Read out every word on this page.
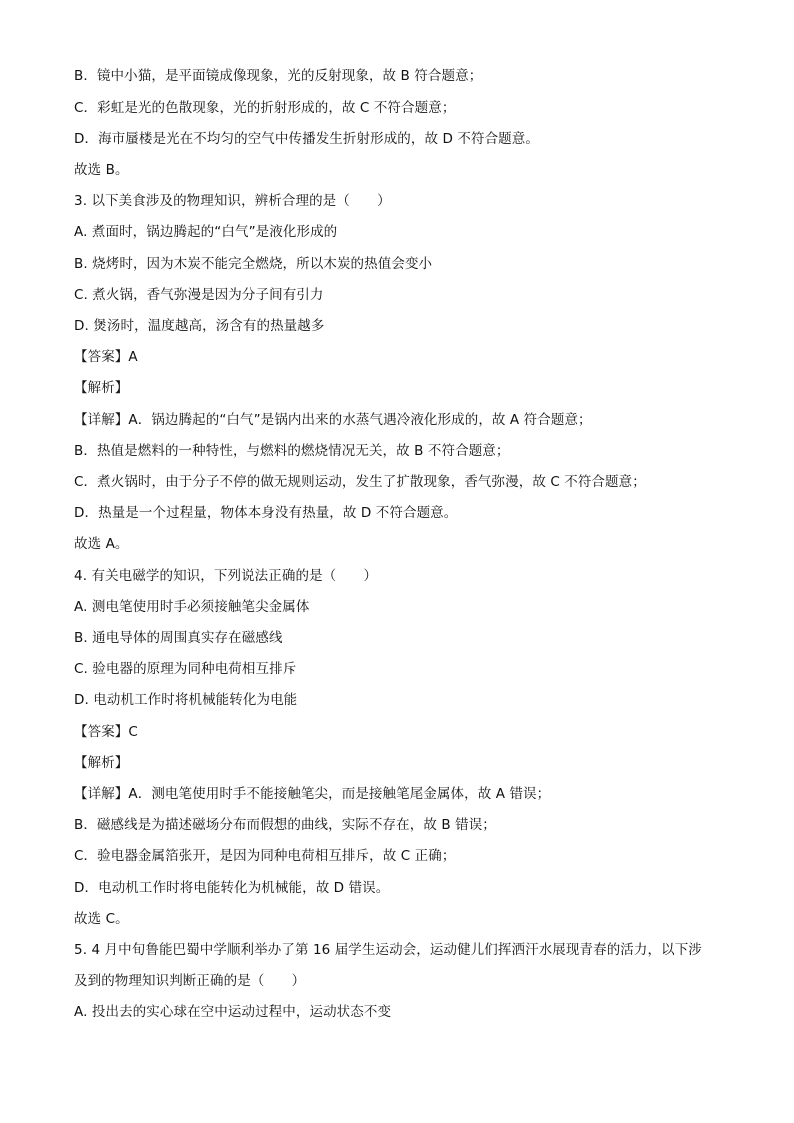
B．镜中小猫，是平面镜成像现象，光的反射现象，故 B 符合题意；
C．彩虹是光的色散现象，光的折射形成的，故 C 不符合题意；
D．海市蜃楼是光在不均匀的空气中传播发生折射形成的，故 D 不符合题意。
故选 B。
3. 以下美食涉及的物理知识，辨析合理的是（　　）
A. 煮面时，锅边腾起的“白气”是液化形成的
B. 烧烤时，因为木炭不能完全燃烧，所以木炭的热值会变小
C. 煮火锅，香气弥漫是因为分子间有引力
D. 煲汤时，温度越高，汤含有的热量越多
【答案】A
【解析】
【详解】A．锅边腾起的“白气”是锅内出来的水蒸气遇冷液化形成的，故 A 符合题意；
B．热值是燃料的一种特性，与燃料的燃烧情况无关，故 B 不符合题意；
C．煮火锅时，由于分子不停的做无规则运动，发生了扩散现象，香气弥漫，故 C 不符合题意；
D．热量是一个过程量，物体本身没有热量，故 D 不符合题意。
故选 A。
4. 有关电磁学的知识，下列说法正确的是（　　）
A. 测电笔使用时手必须接触笔尖金属体
B. 通电导体的周围真实存在磁感线
C. 验电器的原理为同种电荷相互排斥
D. 电动机工作时将机械能转化为电能
【答案】C
【解析】
【详解】A．测电笔使用时手不能接触笔尖，而是接触笔尾金属体，故 A 错误；
B．磁感线是为描述磁场分布而假想的曲线，实际不存在，故 B 错误；
C．验电器金属箔张开，是因为同种电荷相互排斥，故 C 正确；
D．电动机工作时将电能转化为机械能，故 D 错误。
故选 C。
5. 4 月中旬鲁能巴蜀中学顺利举办了第 16 届学生运动会，运动健儿们挥洒汗水展现青春的活力，以下涉
及到的物理知识判断正确的是（　　）
A. 投出去的实心球在空中运动过程中，运动状态不变
